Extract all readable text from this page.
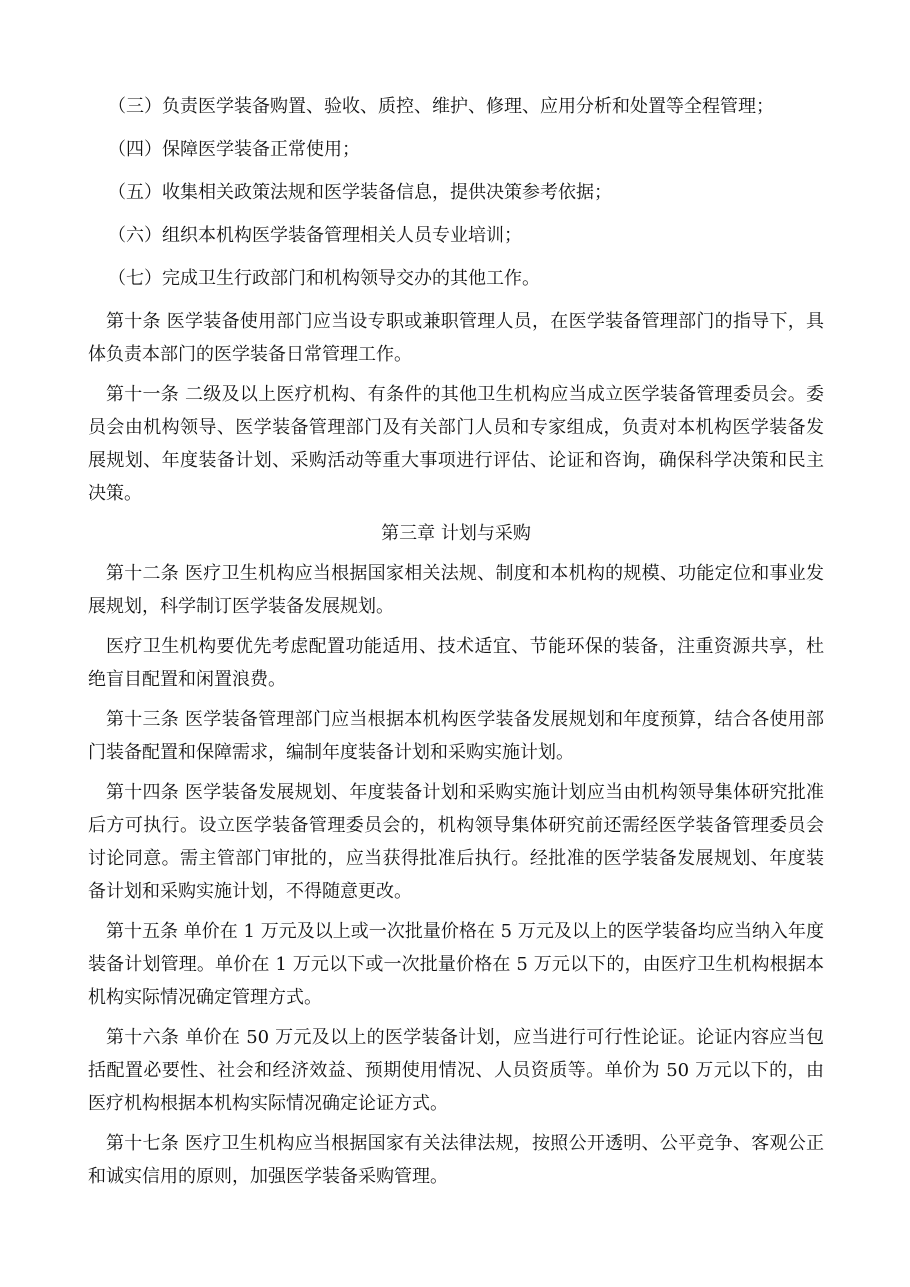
（三）负责医学装备购置、验收、质控、维护、修理、应用分析和处置等全程管理；
（四）保障医学装备正常使用；
（五）收集相关政策法规和医学装备信息，提供决策参考依据；
（六）组织本机构医学装备管理相关人员专业培训；
（七）完成卫生行政部门和机构领导交办的其他工作。

第十条 医学装备使用部门应当设专职或兼职管理人员，在医学装备管理部门的指导下，具体负责本部门的医学装备日常管理工作。

第十一条 二级及以上医疗机构、有条件的其他卫生机构应当成立医学装备管理委员会。委员会由机构领导、医学装备管理部门及有关部门人员和专家组成，负责对本机构医学装备发展规划、年度装备计划、采购活动等重大事项进行评估、论证和咨询，确保科学决策和民主决策。

第三章 计划与采购

第十二条 医疗卫生机构应当根据国家相关法规、制度和本机构的规模、功能定位和事业发展规划，科学制订医学装备发展规划。

医疗卫生机构要优先考虑配置功能适用、技术适宜、节能环保的装备，注重资源共享，杜绝盲目配置和闲置浪费。

第十三条 医学装备管理部门应当根据本机构医学装备发展规划和年度预算，结合各使用部门装备配置和保障需求，编制年度装备计划和采购实施计划。

第十四条 医学装备发展规划、年度装备计划和采购实施计划应当由机构领导集体研究批准后方可执行。设立医学装备管理委员会的，机构领导集体研究前还需经医学装备管理委员会讨论同意。需主管部门审批的，应当获得批准后执行。经批准的医学装备发展规划、年度装备计划和采购实施计划，不得随意更改。

第十五条 单价在 1 万元及以上或一次批量价格在 5 万元及以上的医学装备均应当纳入年度装备计划管理。单价在 1 万元以下或一次批量价格在 5 万元以下的，由医疗卫生机构根据本机构实际情况确定管理方式。

第十六条 单价在 50 万元及以上的医学装备计划，应当进行可行性论证。论证内容应当包括配置必要性、社会和经济效益、预期使用情况、人员资质等。单价为 50 万元以下的，由医疗机构根据本机构实际情况确定论证方式。

第十七条 医疗卫生机构应当根据国家有关法律法规，按照公开透明、公平竞争、客观公正和诚实信用的原则，加强医学装备采购管理。
